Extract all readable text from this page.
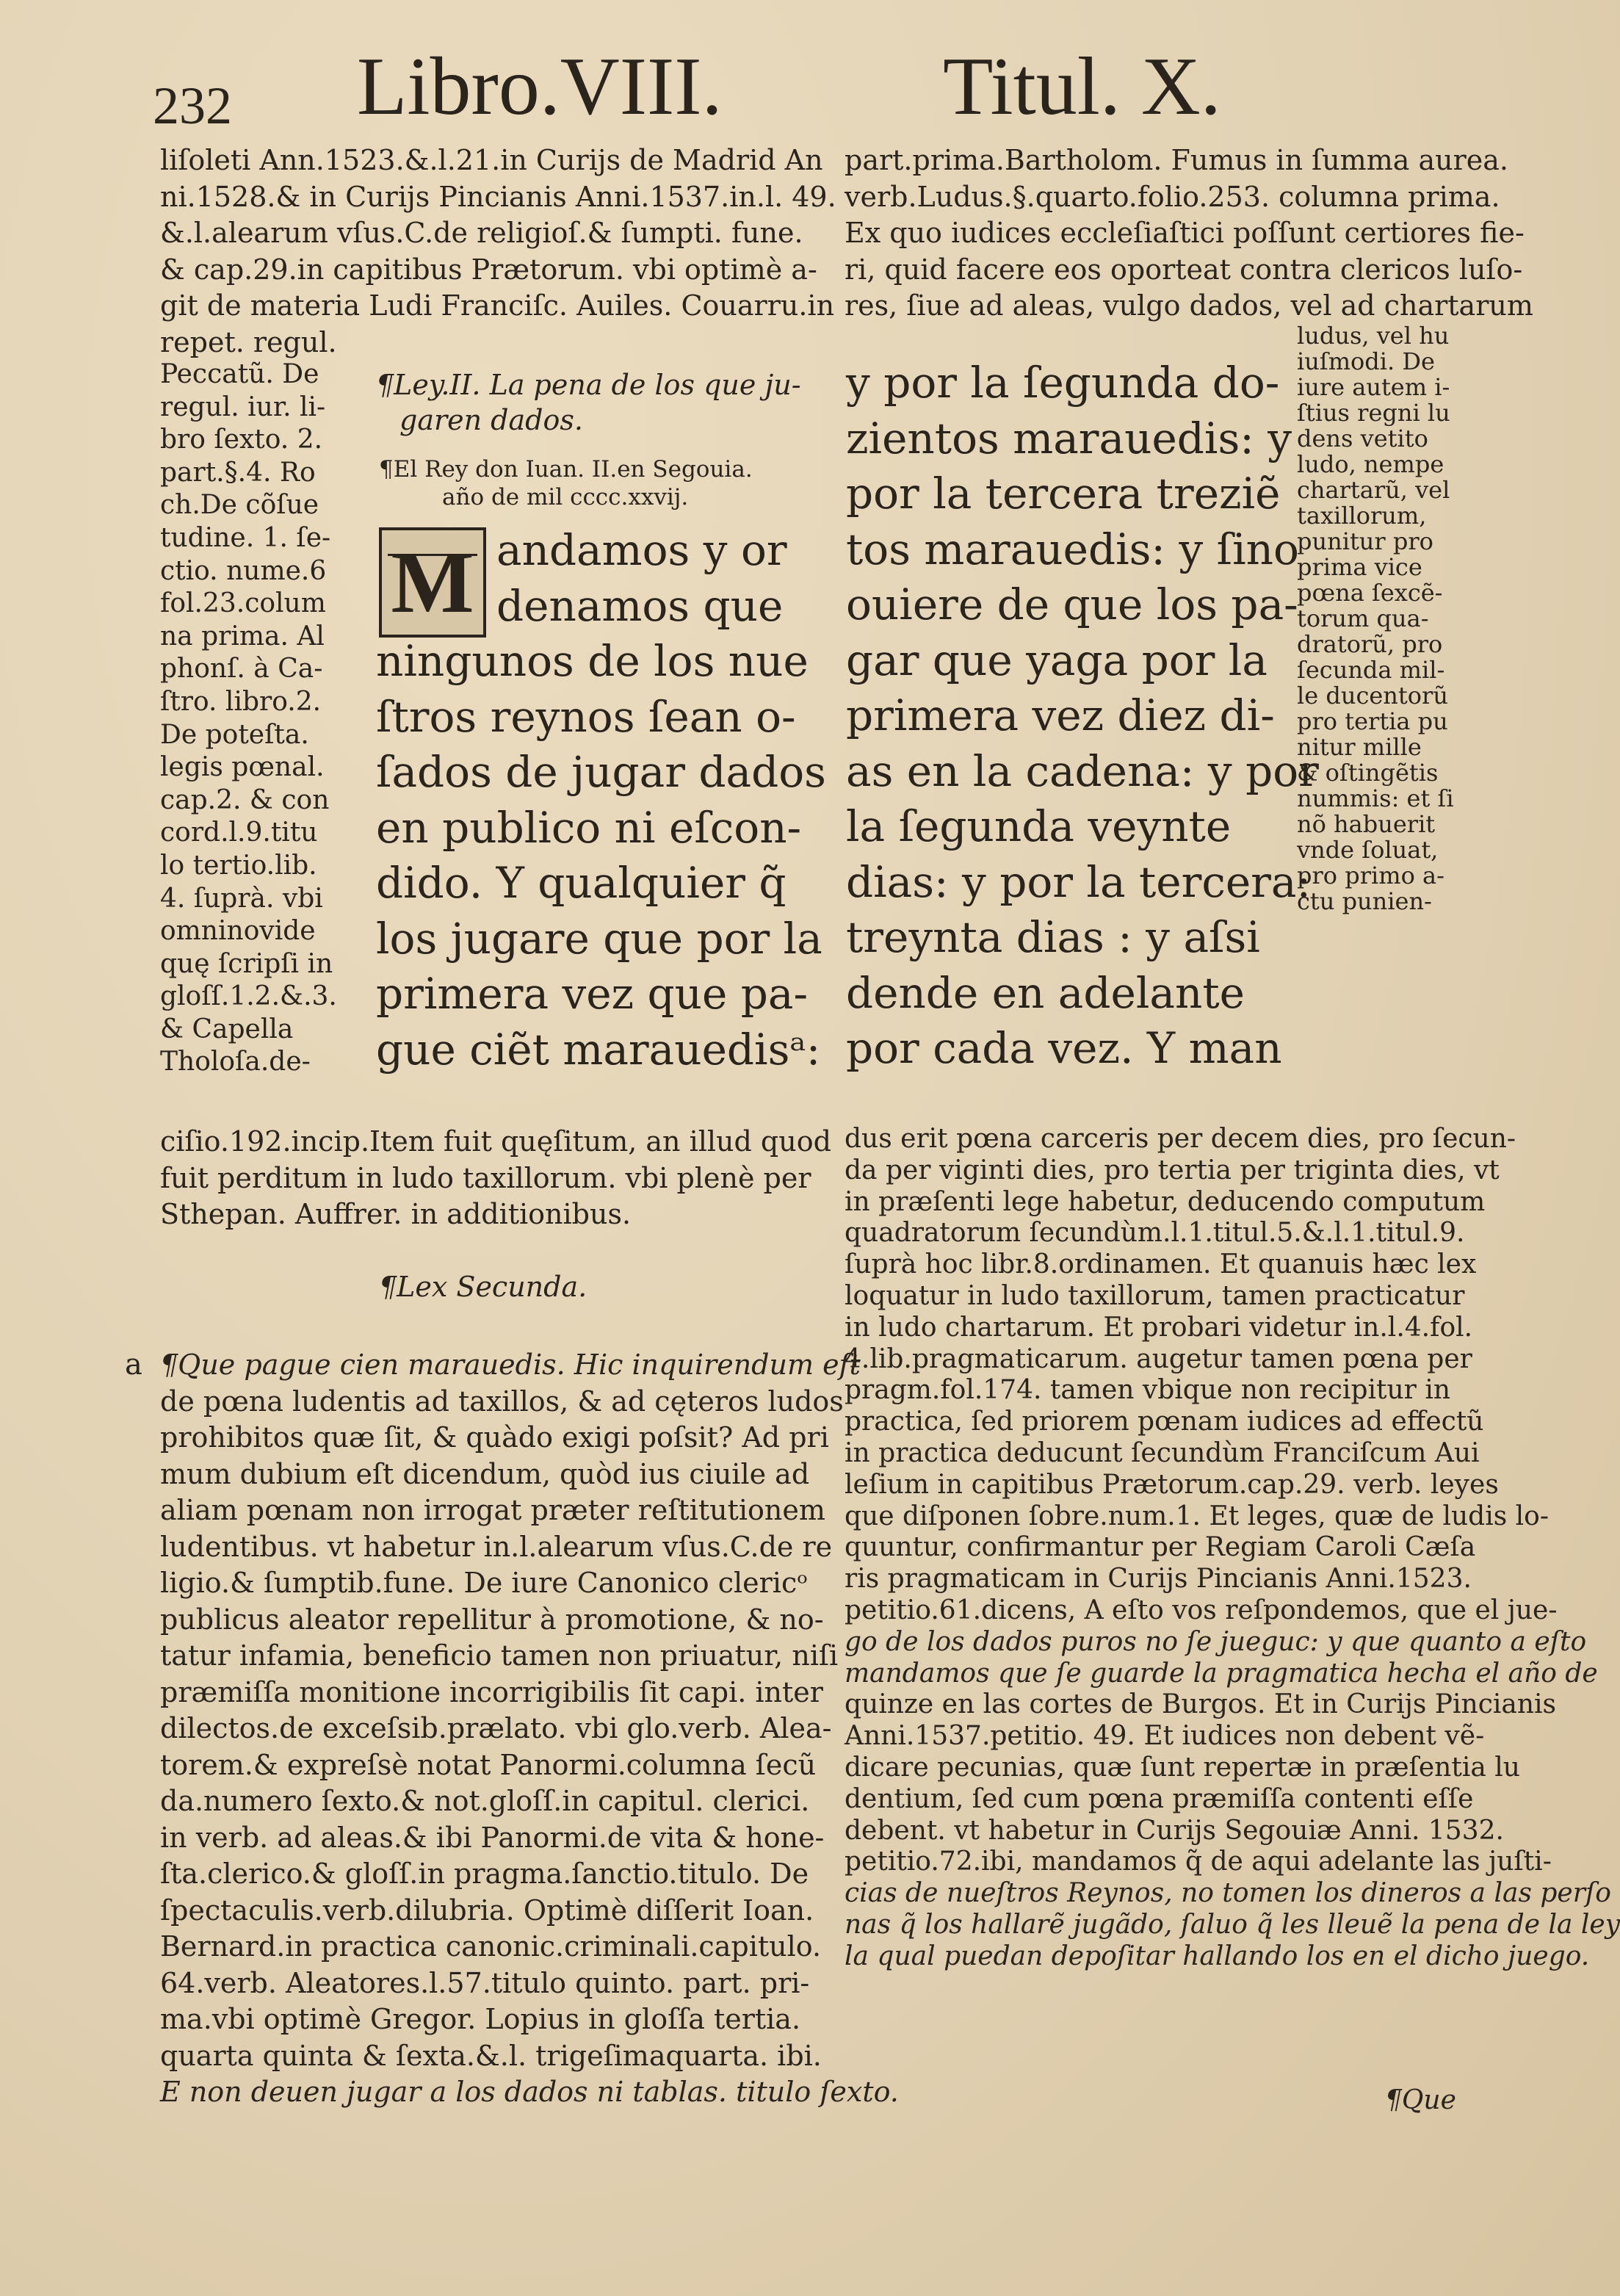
232 Libro.VIII.	Titul. X.
liſoleti Ann.1523.&.l.21.in Curijs de Madrid An
ni.1528.& in Curijs Pincianis Anni.1537.in.l. 49.
&.l.alearum vſus.C.de religioſ.& ſumpti. fune.
& cap.29.in capitibus Prætorum. vbi optimè a-
git de materia Ludi Franciſc. Auiles. Couarru.in
repet. regul.
Peccatũ. De
regul. iur. li-
bro ſexto. 2.
part.§.4. Ro
ch.De cõſue
tudine. 1. ſe-
ctio. nume.6
fol.23.colum
na prima. Al
phonſ. à Ca-
ſtro. libro.2.
De poteſta.
legis pœnal.
cap.2. & con
cord.l.9.titu
lo tertio.lib.
4. ſuprà. vbi
omninovide
quę ſcripſi in
gloſſ.1.2.&.3.
& Capella
Tholoſa.de-
¶Ley.II. La pena de los que ju-
garen dados.
¶El Rey don Iuan. II.en Segouia.
año de mil cccc.xxvij.
M andamos y or
denamos que
ningunos de los nue
ſtros reynos ſean o-
ſados de jugar dados
en publico ni eſcon-
dido. Y qualquier q̃
los jugare que por la
primera vez que pa-
gue ciẽt marauedisᵃ:
ciſio.192.incip.Item fuit quęſitum, an illud quod
fuit perditum in ludo taxillorum. vbi plenè per
Sthepan. Auffrer. in additionibus.
¶Lex Secunda.
a ¶Que pague cien marauedis. Hic inquirendum eſt
de pœna ludentis ad taxillos, & ad cęteros ludos
prohibitos quæ ſit, & quàdo exigi poſsit? Ad pri
mum dubium eſt dicendum, quòd ius ciuile ad
aliam pœnam non irrogat præter reſtitutionem
ludentibus. vt habetur in.l.alearum vſus.C.de re
ligio.& ſumptib.fune. De iure Canonico clericᵒ
publicus aleator repellitur à promotione, & no-
tatur infamia, beneficio tamen non priuatur, niſi
præmiſſa monitione incorrigibilis ſit capi. inter
dilectos.de exceſsib.prælato. vbi glo.verb. Alea-
torem.& expreſsè notat Panormi.columna ſecũ
da.numero ſexto.& not.gloſſ.in capitul. clerici.
in verb. ad aleas.& ibi Panormi.de vita & hone-
ſta.clerico.& gloſſ.in pragma.ſanctio.titulo. De
ſpectaculis.verb.dilubria. Optimè diſſerit Ioan.
Bernard.in practica canonic.criminali.capitulo.
64.verb. Aleatores.l.57.titulo quinto. part. pri-
ma.vbi optimè Gregor. Lopius in gloſſa tertia.
quarta quinta & ſexta.&.l. trigeſimaquarta. ibi.
E non deuen jugar a los dados ni tablas. titulo ſexto.
part.prima.Bartholom. Fumus in ſumma aurea.
verb.Ludus.§.quarto.folio.253. columna prima.
Ex quo iudices eccleſiaſtici poſſunt certiores fie-
ri, quid facere eos oporteat contra clericos luſo-
res, ſiue ad aleas, vulgo dados, vel ad chartarum
y por la ſegunda do-
zientos marauedis: y
por la tercera treziẽ
tos marauedis: y ſino
ouiere de que los pa-
gar que yaga por la
primera vez diez di-
as en la cadena: y por
la ſegunda veynte
dias: y por la tercera:
treynta dias : y aſsi
dende en adelante
por cada vez. Y man
ludus, vel hu
iuſmodi. De
iure autem i-
ſtius regni lu
dens vetito
ludo, nempe
chartarũ, vel
taxillorum,
punitur pro
prima vice
pœna ſexcẽ-
torum qua-
dratorũ, pro
ſecunda mil-
le ducentorũ
pro tertia pu
nitur mille
& oſtingẽtis
nummis: et ſi
nõ habuerit
vnde ſoluat,
pro primo a-
ctu punien-
dus erit pœna carceris per decem dies, pro ſecun-
da per viginti dies, pro tertia per triginta dies, vt
in præſenti lege habetur, deducendo computum
quadratorum ſecundùm.l.1.titul.5.&.l.1.titul.9.
ſuprà hoc libr.8.ordinamen. Et quanuis hæc lex
loquatur in ludo taxillorum, tamen practicatur
in ludo chartarum. Et probari videtur in.l.4.fol.
4.lib.pragmaticarum. augetur tamen pœna per
pragm.fol.174. tamen vbique non recipitur in
practica, ſed priorem pœnam iudices ad effectũ
in practica deducunt ſecundùm Franciſcum Aui
leſium in capitibus Prætorum.cap.29. verb. leyes
que diſponen ſobre.num.1. Et leges, quæ de ludis lo-
quuntur, confirmantur per Regiam Caroli Cæſa
ris pragmaticam in Curijs Pincianis Anni.1523.
petitio.61.dicens, A eſto vos reſpondemos, que el jue-
go de los dados puros no ſe jueguc: y que quanto a eſto
mandamos que ſe guarde la pragmatica hecha el año de
quinze en las cortes de Burgos. Et in Curijs Pincianis
Anni.1537.petitio. 49. Et iudices non debent vẽ-
dicare pecunias, quæ ſunt repertæ in præſentia lu
dentium, ſed cum pœna præmiſſa contenti eſſe
debent. vt habetur in Curijs Segouiæ Anni. 1532.
petitio.72.ibi, mandamos q̃ de aqui adelante las juſti-
cias de nueſtros Reynos, no tomen los dineros a las perſo
nas q̃ los hallarẽ jugãdo, ſaluo q̃ les lleuẽ la pena de la ley
la qual puedan depoſitar hallando los en el dicho juego.
¶Que
